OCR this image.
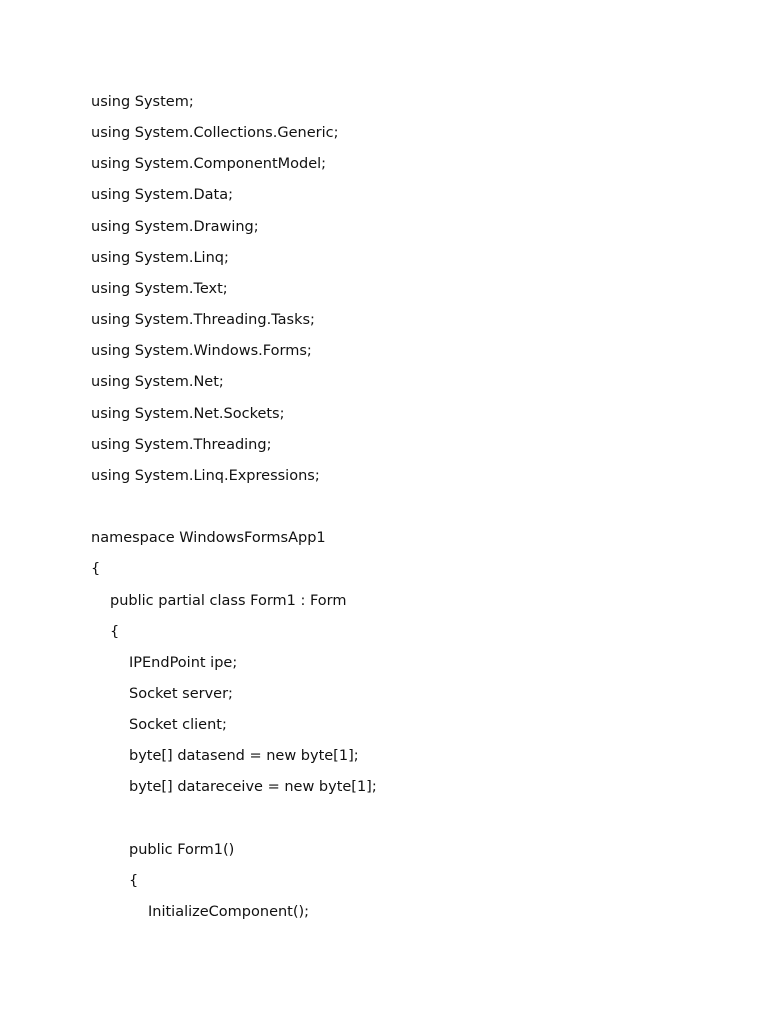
using System;
using System.Collections.Generic;
using System.ComponentModel;
using System.Data;
using System.Drawing;
using System.Linq;
using System.Text;
using System.Threading.Tasks;
using System.Windows.Forms;
using System.Net;
using System.Net.Sockets;
using System.Threading;
using System.Linq.Expressions;
namespace WindowsFormsApp1
{
public partial class Form1 : Form
{
IPEndPoint ipe;
Socket server;
Socket client;
byte[] datasend = new byte[1];
byte[] datareceive = new byte[1];
public Form1()
{
InitializeComponent();
